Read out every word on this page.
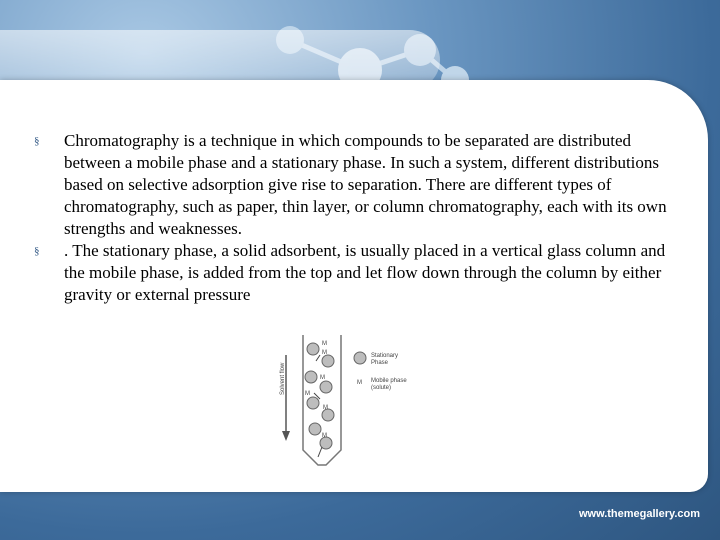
§	Chromatography is a technique in which compounds to be separated are distributed between a mobile phase and a stationary phase. In such a system, different distributions based on selective adsorption give rise to separation. There are different types of chromatography, such as paper, thin layer, or column chromatography, each with its own strengths and weaknesses.
§	. The stationary phase, a solid adsorbent, is usually placed in a vertical glass column and the mobile phase, is added from the top and let flow down through the column by either gravity or external pressure
M
M
M
M
M
M
Solvent flow
Stationary
Phase
M Mobile phase
(solute)
www.themegallery.com
